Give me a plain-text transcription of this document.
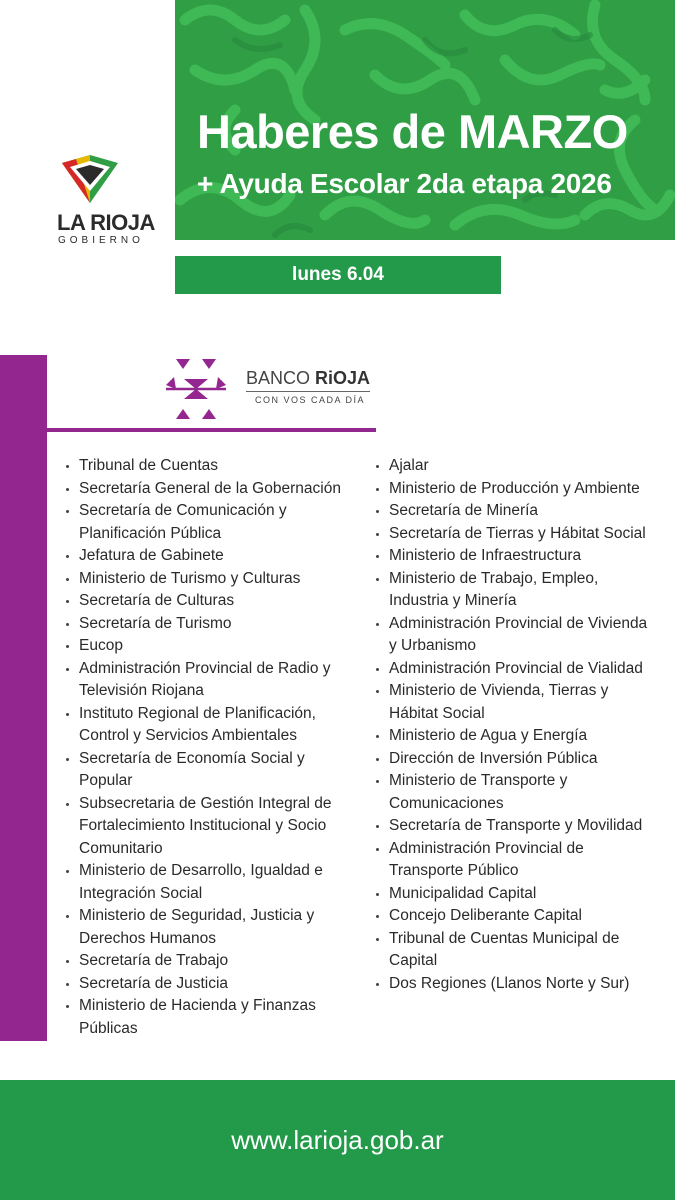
Haberes de MARZO
+ Ayuda Escolar 2da etapa 2026
lunes 6.04
LA RIOJA
GOBIERNO
BANCO RiOJA
CON VOS CADA DÍA
Tribunal de Cuentas
Secretaría General de la Gobernación
Secretaría de Comunicación y
Planificación Pública
Jefatura de Gabinete
Ministerio de Turismo y Culturas
Secretaría de Culturas
Secretaría de Turismo
Eucop
Administración Provincial de Radio y
Televisión Riojana
Instituto Regional de Planificación,
Control y Servicios Ambientales
Secretaría de Economía Social y
Popular
Subsecretaria de Gestión Integral de
Fortalecimiento Institucional y Socio
Comunitario
Ministerio de Desarrollo, Igualdad e
Integración Social
Ministerio de Seguridad, Justicia y
Derechos Humanos
Secretaría de Trabajo
Secretaría de Justicia
Ministerio de Hacienda y Finanzas
Públicas
Ajalar
Ministerio de Producción y Ambiente
Secretaría de Minería
Secretaría de Tierras y Hábitat Social
Ministerio de Infraestructura
Ministerio de Trabajo, Empleo,
Industria y Minería
Administración Provincial de Vivienda
y Urbanismo
Administración Provincial de Vialidad
Ministerio de Vivienda, Tierras y
Hábitat Social
Ministerio de Agua y Energía
Dirección de Inversión Pública
Ministerio de Transporte y
Comunicaciones
Secretaría de Transporte y Movilidad
Administración Provincial de
Transporte Público
Municipalidad Capital
Concejo Deliberante Capital
Tribunal de Cuentas Municipal de
Capital
Dos Regiones (Llanos Norte y Sur)
www.larioja.gob.ar
